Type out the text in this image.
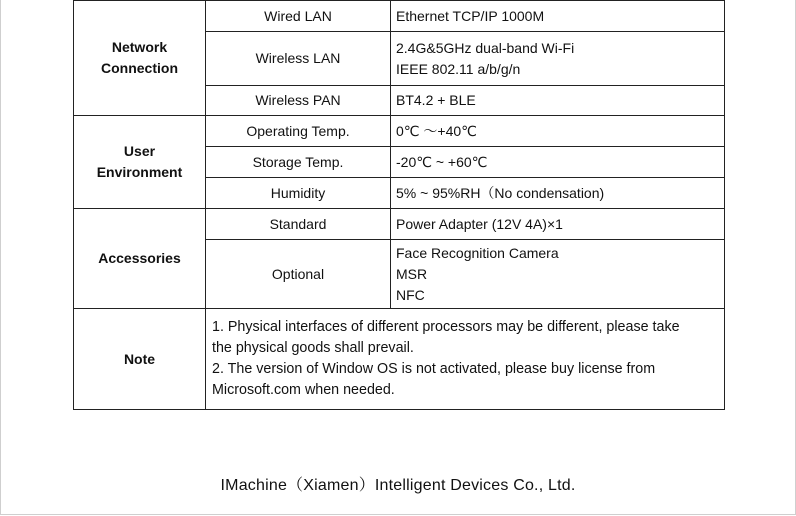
Network
Connection	Wired LAN	Ethernet TCP/IP 1000M

	Wireless LAN	2.4G&5GHz dual-band Wi-Fi
IEEE 802.11 a/b/g/n

	Wireless PAN	BT4.2 + BLE

User
Environment	Operating Temp.	0℃ ～+40℃

	Storage Temp.	-20℃ ~ +60℃

	Humidity	5% ~ 95%RH（No condensation)

Accessories	Standard	Power Adapter (12V 4A)×1

	Optional	Face Recognition Camera
MSR
NFC

Note	1. Physical interfaces of different processors may be different, please take
the physical goods shall prevail.
2. The version of Window OS is not activated, please buy license from
Microsoft.com when needed.	
IMachine（Xiamen）Intelligent Devices Co., Ltd.
